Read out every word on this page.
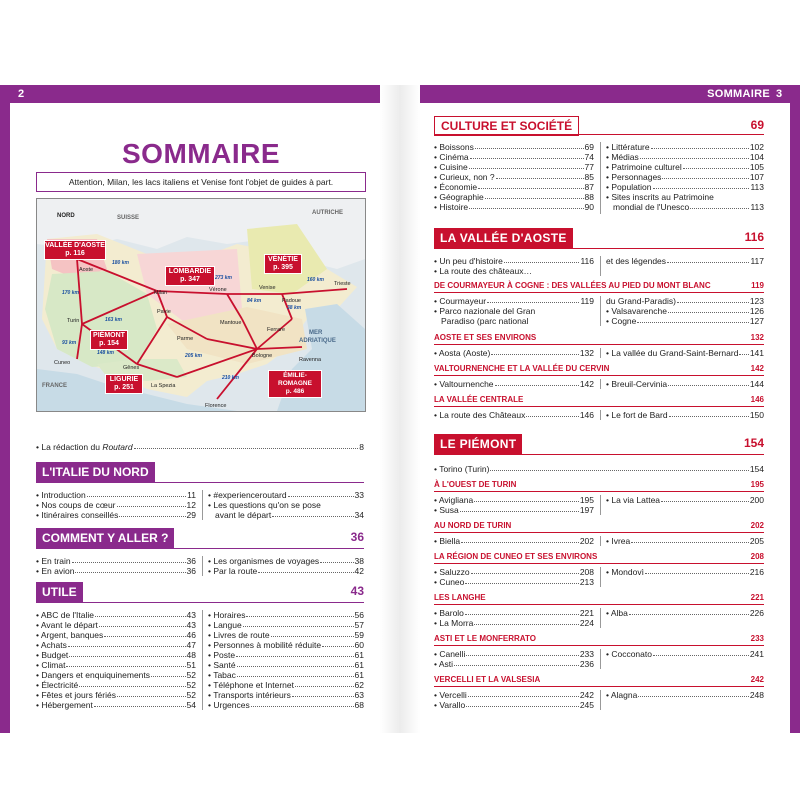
2	3
SOMMAIRE
SOMMAIRE
Attention, Milan, les lacs italiens et Venise font l'objet de guides à part.
SUISSE
AUTRICHE
FRANCE
MER
ADRIATIQUE
NORD
Aoste
Milan	Vérone	Venise
Trieste
Turin
Pavie
Mantoue
Padoue
Ferrare
Parme
Bologne
Ravenna
Cuneo
Gênes
La Spezia
Florence
180 km
170 km
273 km
84 km
160 km
38 km
163 km
148 km
93 km
205 km
210 km
VALLÉE D'AOSTE
p. 116
LOMBARDIE
p. 347
VÉNÉTIE
p. 395
PIÉMONT
p. 154
LIGURIE
p. 251
ÉMILIE-ROMAGNE
p. 486
• La rédaction du Routard	8
L'ITALIE DU NORD
• Introduction	11
• Nos coups de cœur	12
• Itinéraires conseillés	29
• #experienceroutard	33
• Les questions qu'on se pose
avant le départ	34
COMMENT Y ALLER ?	36
• En train	36
• En avion	36
• Les organismes de voyages	38
• Par la route	42
UTILE	43
• ABC de l'Italie	43
• Avant le départ	43
• Argent, banques	46
• Achats	47
• Budget	48
• Climat	51
• Dangers et enquiquinements	52
• Électricité	52
• Fêtes et jours fériés	52
• Hébergement	54
• Horaires	56
• Langue	57
• Livres de route	59
• Personnes à mobilité réduite	60
• Poste	61
• Santé	61
• Tabac	61
• Téléphone et Internet	62
• Transports intérieurs	63
• Urgences	68
CULTURE ET SOCIÉTÉ	69
• Boissons	69
• Cinéma	74
• Cuisine	77
• Curieux, non ?	85
• Économie	87
• Géographie	88
• Histoire	90
• Littérature	102
• Médias	104
• Patrimoine culturel	105
• Personnages	107
• Population	113
• Sites inscrits au Patrimoine
mondial de l'Unesco	113
LA VALLÉE D'AOSTE	116
• Un peu d'histoire	116
• La route des châteaux…
et des légendes	117
DE COURMAYEUR À COGNE : DES VALLÉES AU PIED DU MONT BLANC	119
• Courmayeur	119
• Parco nazionale del Gran
Paradiso (parc national
du Grand-Paradis)	123
• Valsavarenche	126
• Cogne	127
AOSTE ET SES ENVIRONS	132
• Aosta (Aoste)	132	• La vallée du Grand-Saint-Bernard 141
VALTOURNENCHE ET LA VALLÉE DU CERVIN	142
• Valtournenche	142	• Breuil-Cervinia	144
LA VALLÉE CENTRALE	146
• La route des Châteaux	146	• Le fort de Bard	150
LE PIÉMONT	154
• Torino (Turin)	154
À L'OUEST DE TURIN	195
• Avigliana	195
• Susa	197
• La via Lattea	200
AU NORD DE TURIN	202
• Biella	202	• Ivrea	205
LA RÉGION DE CUNEO ET SES ENVIRONS	208
• Saluzzo	208
• Cuneo	213
• Mondovì	216
LES LANGHE	221
• Barolo	221
• La Morra	224
• Alba	226
ASTI ET LE MONFERRATO	233
• Canelli	233
• Asti	236
• Cocconato	241
VERCELLI ET LA VALSESIA	242
• Vercelli	242
• Varallo	245
• Alagna	248
